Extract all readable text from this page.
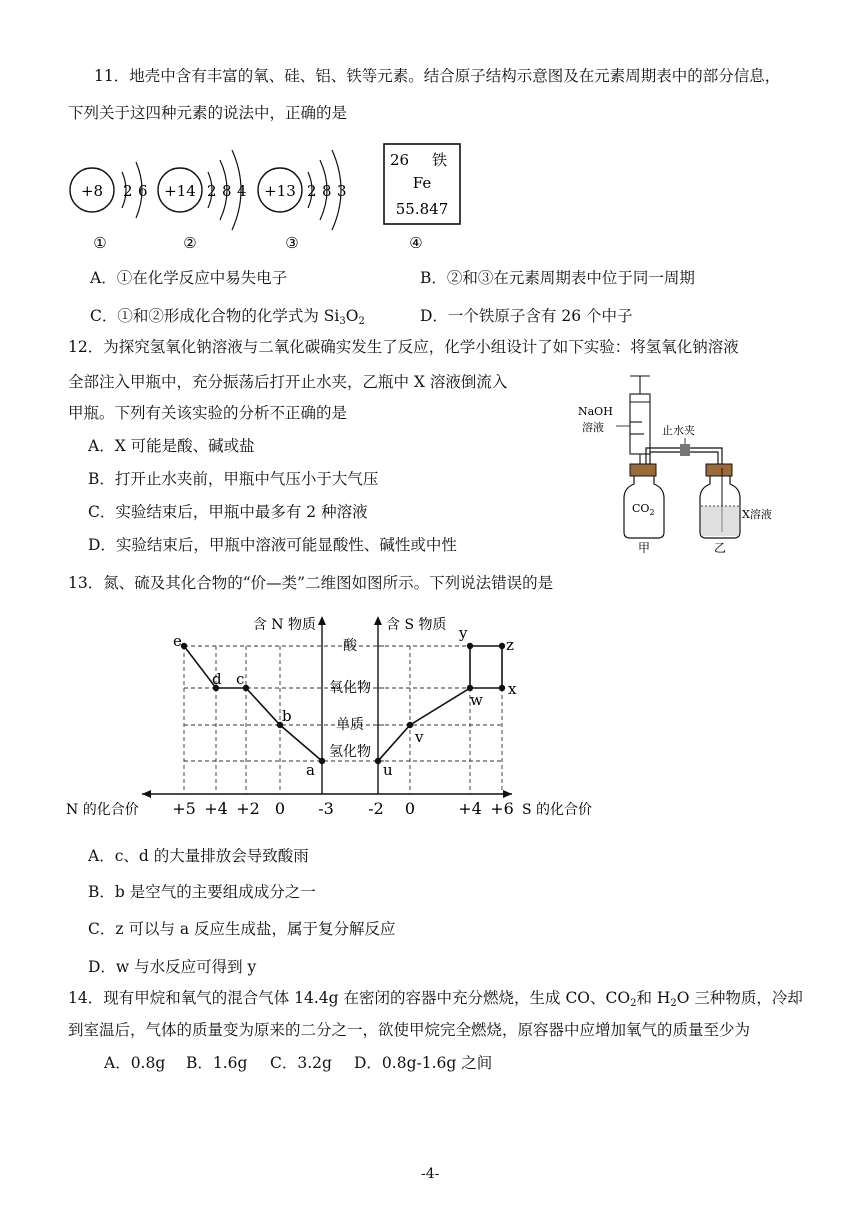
11．地壳中含有丰富的氧、硅、铝、铁等元素。结合原子结构示意图及在元素周期表中的部分信息，
下列关于这四种元素的说法中，正确的是
+8 2 6
①
+14 2 8 4
②
+13 2 8 3
③
26 铁
Fe
55.847
④
A．①在化学反应中易失电子	B．②和③在元素周期表中位于同一周期
C．①和②形成化合物的化学式为 $Si_3O_2$	D．一个铁原子含有 26 个中子
12．为探究氢氧化钠溶液与二氧化碳确实发生了反应，化学小组设计了如下实验：将氢氧化钠溶液
全部注入甲瓶中，充分振荡后打开止水夹，乙瓶中 X 溶液倒流入
甲瓶。下列有关该实验的分析不正确的是
A．X 可能是酸、碱或盐
B．打开止水夹前，甲瓶中气压小于大气压
C．实验结束后，甲瓶中最多有 2 种溶液
D．实验结束后，甲瓶中溶液可能显酸性、碱性或中性
NaOH
溶液	止水夹
$CO_2$
甲
X溶液
乙
13．氮、硫及其化合物的“价—类”二维图如图所示。下列说法错误的是
含 N 物质	含 S 物质
酸
氧化物
单质
氢化物
e
d c
b
a	u
v
w
x
y
z
N 的化合价 +5 +4 +2 0 -3 -2 0	+4 +6 S 的化合价
A．c、d 的大量排放会导致酸雨
B．b 是空气的主要组成成分之一
C．z 可以与 a 反应生成盐，属于复分解反应
D．w 与水反应可得到 y
14．现有甲烷和氧气的混合气体 14.4g 在密闭的容器中充分燃烧，生成 CO、$CO_2$和 $H_2O$ 三种物质，冷却
到室温后，气体的质量变为原来的二分之一，欲使甲烷完全燃烧，原容器中应增加氧气的质量至少为
A．0.8g B．1.6g C．3.2g D．0.8g-1.6g 之间
-4-
